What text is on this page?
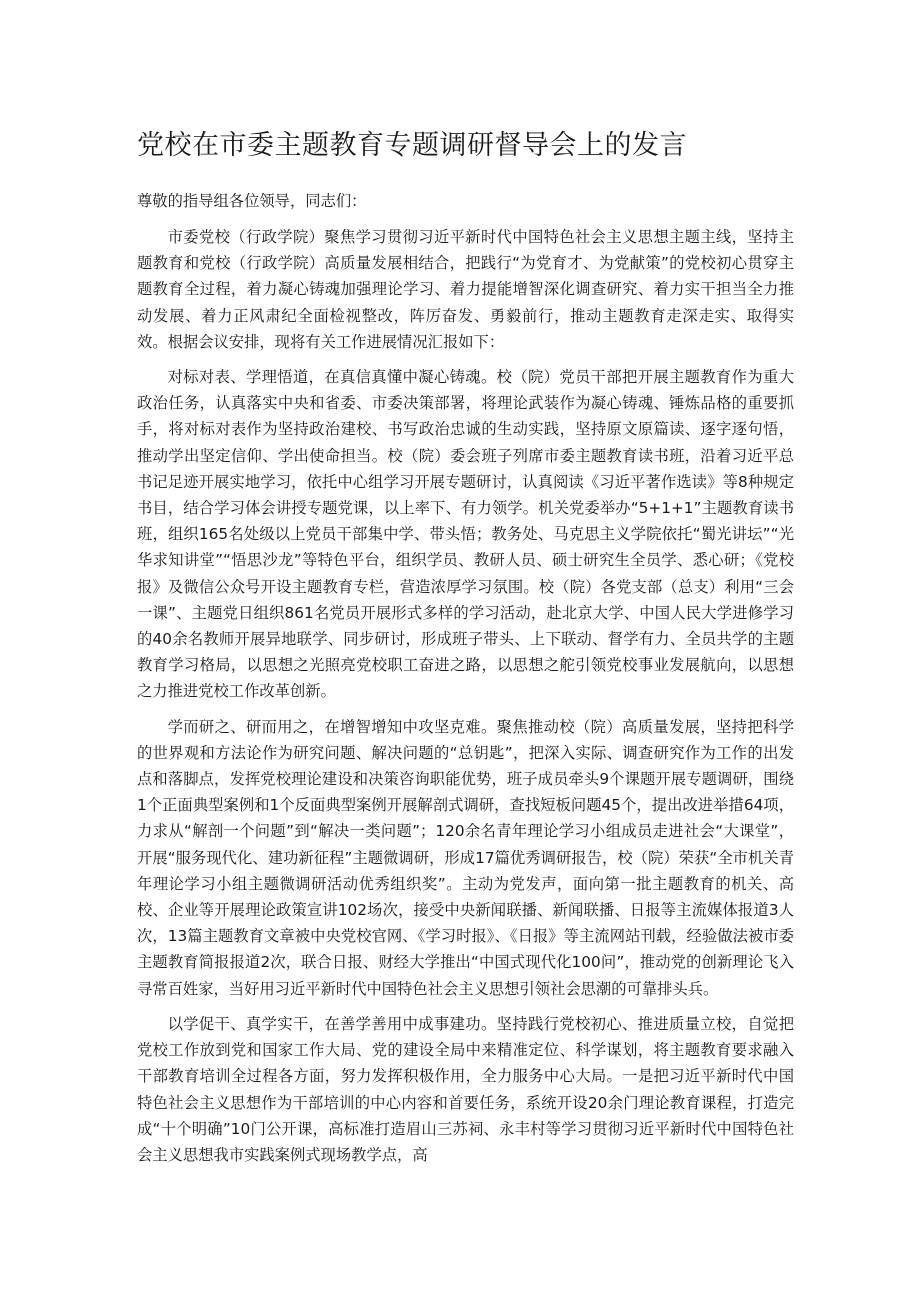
党校在市委主题教育专题调研督导会上的发言

尊敬的指导组各位领导，同志们：

市委党校（行政学院）聚焦学习贯彻习近平新时代中国特色社会主义思想主题主线，坚持主题教育和党校（行政学院）高质量发展相结合，把践行“为党育才、为党献策”的党校初心贯穿主题教育全过程，着力凝心铸魂加强理论学习、着力提能增智深化调查研究、着力实干担当全力推动发展、着力正风肃纪全面检视整改，阵厉奋发、勇毅前行，推动主题教育走深走实、取得实效。根据会议安排，现将有关工作进展情况汇报如下：

对标对表、学理悟道，在真信真懂中凝心铸魂。校（院）党员干部把开展主题教育作为重大政治任务，认真落实中央和省委、市委决策部署，将理论武装作为凝心铸魂、锤炼品格的重要抓手，将对标对表作为坚持政治建校、书写政治忠诚的生动实践，坚持原文原篇读、逐字逐句悟，推动学出坚定信仰、学出使命担当。校（院）委会班子列席市委主题教育读书班，沿着习近平总书记足迹开展实地学习，依托中心组学习开展专题研讨，认真阅读《习近平著作选读》等8种规定书目，结合学习体会讲授专题党课，以上率下、有力领学。机关党委举办“5+1+1”主题教育读书班，组织165名处级以上党员干部集中学、带头悟；教务处、马克思主义学院依托“蜀光讲坛”“光华求知讲堂”“悟思沙龙”等特色平台，组织学员、教研人员、硕士研究生全员学、悉心研；《党校报》及微信公众号开设主题教育专栏，营造浓厚学习氛围。校（院）各党支部（总支）利用“三会一课”、主题党日组织861名党员开展形式多样的学习活动，赴北京大学、中国人民大学进修学习的40余名教师开展异地联学、同步研讨，形成班子带头、上下联动、督学有力、全员共学的主题教育学习格局，以思想之光照亮党校职工奋进之路，以思想之舵引领党校事业发展航向，以思想之力推进党校工作改革创新。

学而研之、研而用之，在增智增知中攻坚克难。聚焦推动校（院）高质量发展，坚持把科学的世界观和方法论作为研究问题、解决问题的“总钥匙”，把深入实际、调查研究作为工作的出发点和落脚点，发挥党校理论建设和决策咨询职能优势，班子成员牵头9个课题开展专题调研，围绕1个正面典型案例和1个反面典型案例开展解剖式调研，查找短板问题45个，提出改进举措64项，力求从“解剖一个问题”到“解决一类问题”；120余名青年理论学习小组成员走进社会“大课堂”，开展“服务现代化、建功新征程”主题微调研，形成17篇优秀调研报告，校（院）荣获“全市机关青年理论学习小组主题微调研活动优秀组织奖”。主动为党发声，面向第一批主题教育的机关、高校、企业等开展理论政策宣讲102场次，接受中央新闻联播、新闻联播、日报等主流媒体报道3人次，13篇主题教育文章被中央党校官网、《学习时报》、《日报》等主流网站刊载，经验做法被市委主题教育简报报道2次，联合日报、财经大学推出“中国式现代化100问”，推动党的创新理论飞入寻常百姓家，当好用习近平新时代中国特色社会主义思想引领社会思潮的可靠排头兵。

以学促干、真学实干，在善学善用中成事建功。坚持践行党校初心、推进质量立校，自觉把党校工作放到党和国家工作大局、党的建设全局中来精准定位、科学谋划，将主题教育要求融入干部教育培训全过程各方面，努力发挥积极作用，全力服务中心大局。一是把习近平新时代中国特色社会主义思想作为干部培训的中心内容和首要任务，系统开设20余门理论教育课程，打造完成“十个明确”10门公开课，高标准打造眉山三苏祠、永丰村等学习贯彻习近平新时代中国特色社会主义思想我市实践案例式现场教学点，高
